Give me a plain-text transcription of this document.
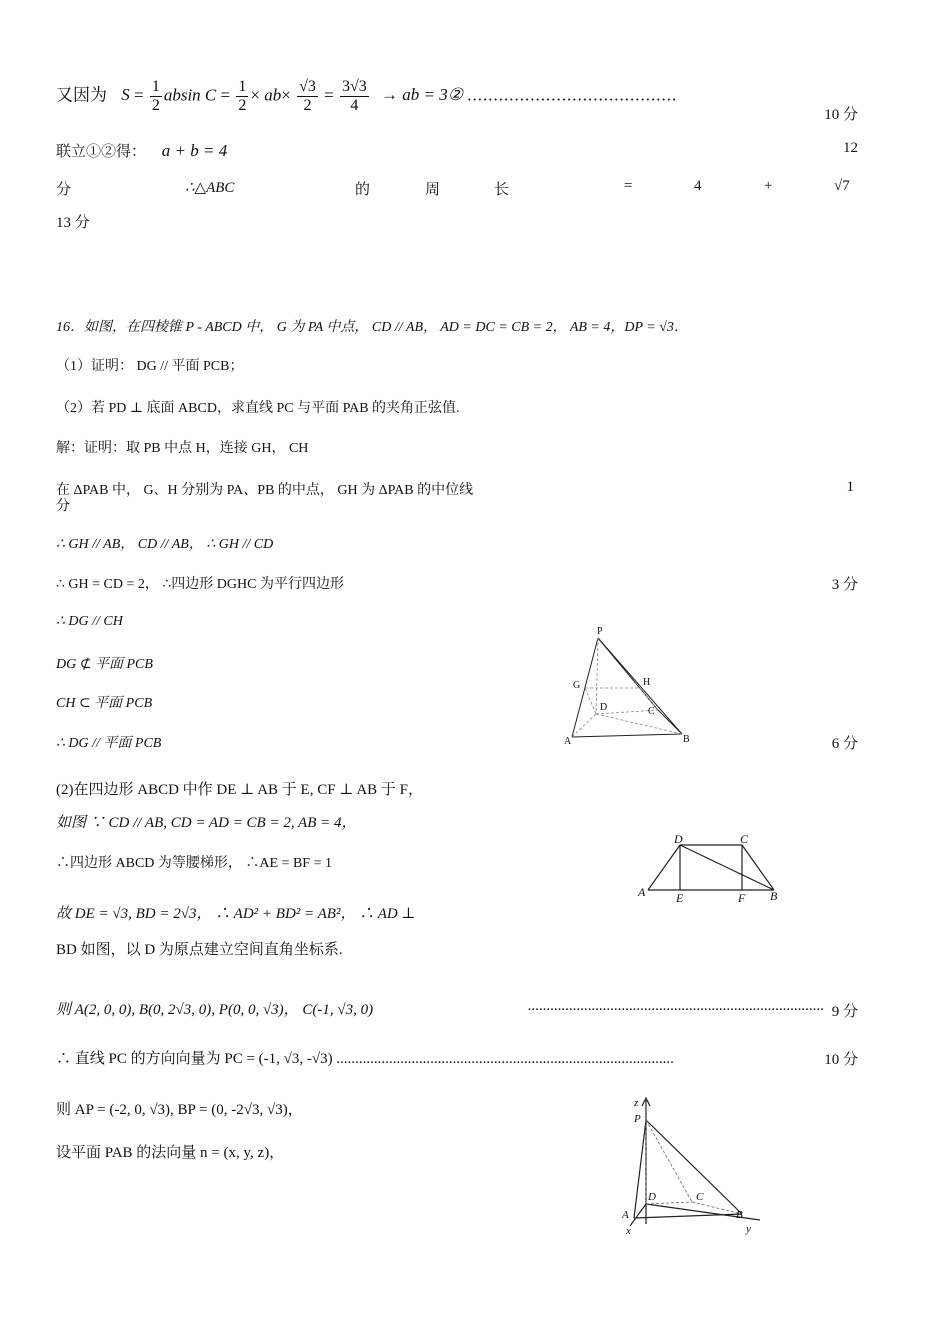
又因为 $S = \frac{1}{2}$ absin $C = \frac{1}{2} \times ab\times \frac{√3}{2} = \frac{3√3}{4}$ → ab = 3② ........................................
10 分
联立①②得： a + b = 4	12
分	∴△ABC	的	周	长	=	4	+	√7
13 分
16．如图，在四棱锥 P - ABCD 中， G 为 PA 中点， CD // AB， AD = DC = CB = 2， AB = 4，DP = √3．
（1）证明： DG // 平面 PCB；
（2）若 PD ⊥ 底面 ABCD，求直线 PC 与平面 PAB 的夹角正弦值.
解：证明：取 PB 中点 H，连接 GH， CH
在 ΔPAB 中， G、H 分别为 PA、PB 的中点， GH 为 ΔPAB 的中位线	1
分
∴ GH // AB， CD // AB， ∴ GH // CD
∴ GH = CD = 2， ∴四边形 DGHC 为平行四边形	3 分
∴ DG // CH
DG ⊄ 平面 PCB
CH ⊂ 平面 PCB
∴ DG // 平面 PCB	6 分
P
G	H
D	C
A	B
(2)在四边形 ABCD 中作 DE ⊥ AB 于 E, CF ⊥ AB 于 F，
如图 ∵ CD // AB, CD = AD = CB = 2, AB = 4，
∴四边形 ABCD 为等腰梯形， ∴AE = BF = 1
故 DE = √3, BD = 2√3， ∴ AD² + BD² = AB²， ∴ AD ⊥
BD 如图，以 D 为原点建立空间直角坐标系.
D	C
A	E	F B
则 A(2, 0, 0), B(0, 2√3, 0), P(0, 0, √3)， C(-1, √3, 0)	............................................................................... 9 分
∴ 直线 PC 的方向向量为 PC = (-1, √3, -√3) ..........................................................................................	10 分
则 AP = (-2, 0, √3), BP = (0, -2√3, √3)，
设平面 PAB 的法向量 n = (x, y, z)，
z
P
D	C
A	B
x	y
